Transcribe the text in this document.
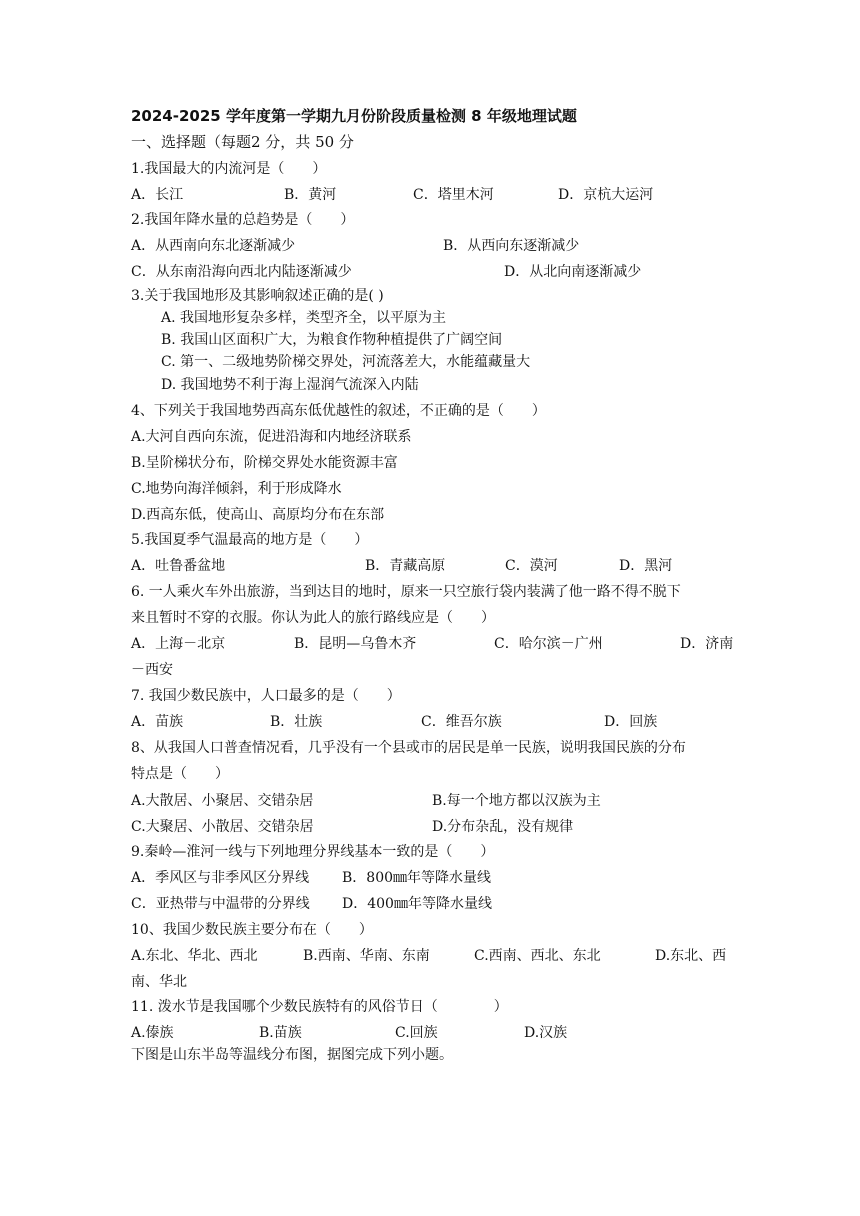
2024-2025 学年度第一学期九月份阶段质量检测 8 年级地理试题
一、选择题（每题2 分，共 50 分
1.我国最大的内流河是（　　）
A．长江	B．黄河	C．塔里木河	D．京杭大运河
2.我国年降水量的总趋势是（　　）
A．从西南向东北逐渐减少	B．从西向东逐渐减少
C．从东南沿海向西北内陆逐渐减少	D．从北向南逐渐减少
3.关于我国地形及其影响叙述正确的是( )
A. 我国地形复杂多样，类型齐全，以平原为主
B. 我国山区面积广大，为粮食作物种植提供了广阔空间
C. 第一、二级地势阶梯交界处，河流落差大，水能蕴藏量大
D. 我国地势不利于海上湿润气流深入内陆
4、下列关于我国地势西高东低优越性的叙述，不正确的是（　　）
A.大河自西向东流，促进沿海和内地经济联系
B.呈阶梯状分布，阶梯交界处水能资源丰富
C.地势向海洋倾斜，利于形成降水
D.西高东低，使高山、高原均分布在东部
5.我国夏季气温最高的地方是（　　）
A．吐鲁番盆地	B．青藏高原	C．漠河	D．黑河
6. 一人乘火车外出旅游，当到达目的地时，原来一只空旅行袋内装满了他一路不得不脱下
来且暂时不穿的衣服。你认为此人的旅行路线应是（　　）
A．上海－北京	B．昆明—乌鲁木齐	C．哈尔滨－广州	D．济南
－西安
7. 我国少数民族中，人口最多的是（　　）
A．苗族	B．壮族	C．维吾尔族	D．回族
8、从我国人口普查情况看，几乎没有一个县或市的居民是单一民族，说明我国民族的分布
特点是（　　）
A.大散居、小聚居、交错杂居	B.每一个地方都以汉族为主
C.大聚居、小散居、交错杂居	D.分布杂乱，没有规律
9.秦岭—淮河一线与下列地理分界线基本一致的是（　　）
A．季风区与非季风区分界线 B．800㎜年等降水量线
C．亚热带与中温带的分界线 D．400㎜年等降水量线
10、我国少数民族主要分布在（　　）
A.东北、华北、西北	B.西南、华南、东南	C.西南、西北、东北	D.东北、西
南、华北
11. 泼水节是我国哪个少数民族特有的风俗节日（　　　　）
A.傣族	B.苗族	C.回族	D.汉族
下图是山东半岛等温线分布图，据图完成下列小题。
